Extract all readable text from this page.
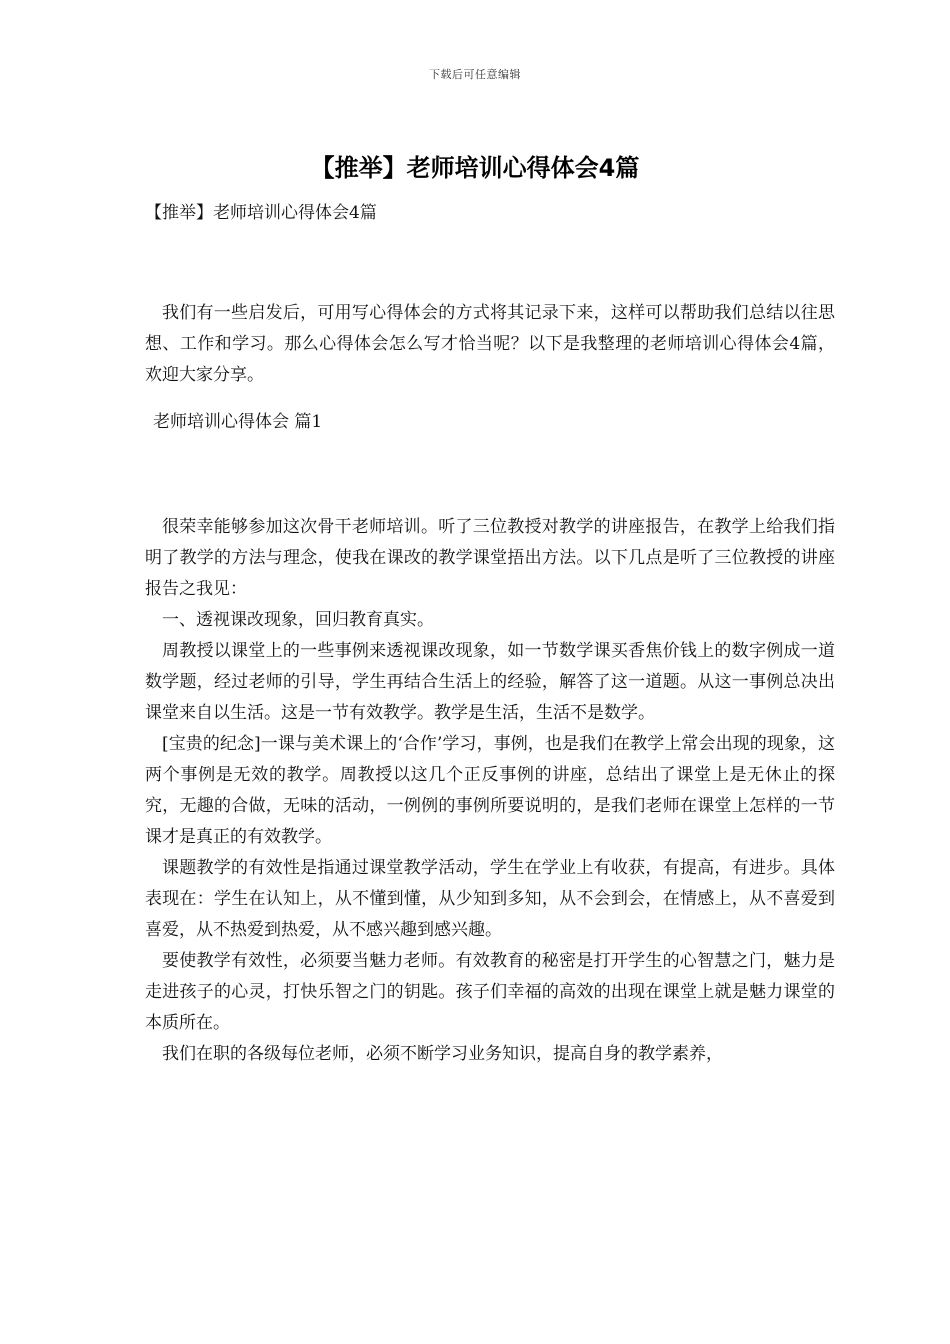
下载后可任意编辑
【推举】老师培训心得体会4篇

【推举】老师培训心得体会4篇

我们有一些启发后，可用写心得体会的方式将其记录下来，这样可以帮助我们总结以往思想、工作和学习。那么心得体会怎么写才恰当呢？以下是我整理的老师培训心得体会4篇，欢迎大家分享。

老师培训心得体会 篇1

很荣幸能够参加这次骨干老师培训。听了三位教授对教学的讲座报告，在教学上给我们指明了教学的方法与理念，使我在课改的教学课堂捂出方法。以下几点是听了三位教授的讲座报告之我见：

一、透视课改现象，回归教育真实。

周教授以课堂上的一些事例来透视课改现象，如一节数学课买香焦价钱上的数字例成一道数学题，经过老师的引导，学生再结合生活上的经验，解答了这一道题。从这一事例总决出课堂来自以生活。这是一节有效教学。教学是生活，生活不是数学。

[宝贵的纪念]一课与美术课上的‘合作’学习，事例，也是我们在教学上常会出现的现象，这两个事例是无效的教学。周教授以这几个正反事例的讲座，总结出了课堂上是无休止的探究，无趣的合做，无味的活动，一例例的事例所要说明的，是我们老师在课堂上怎样的一节课才是真正的有效教学。

课题教学的有效性是指通过课堂教学活动，学生在学业上有收获，有提高，有进步。具体表现在：学生在认知上，从不懂到懂，从少知到多知，从不会到会，在情感上，从不喜爱到喜爱，从不热爱到热爱，从不感兴趣到感兴趣。

要使教学有效性，必须要当魅力老师。有效教育的秘密是打开学生的心智慧之门，魅力是走进孩子的心灵，打快乐智之门的钥匙。孩子们幸福的高效的出现在课堂上就是魅力课堂的本质所在。

我们在职的各级每位老师，必须不断学习业务知识，提高自身的教学素养，
